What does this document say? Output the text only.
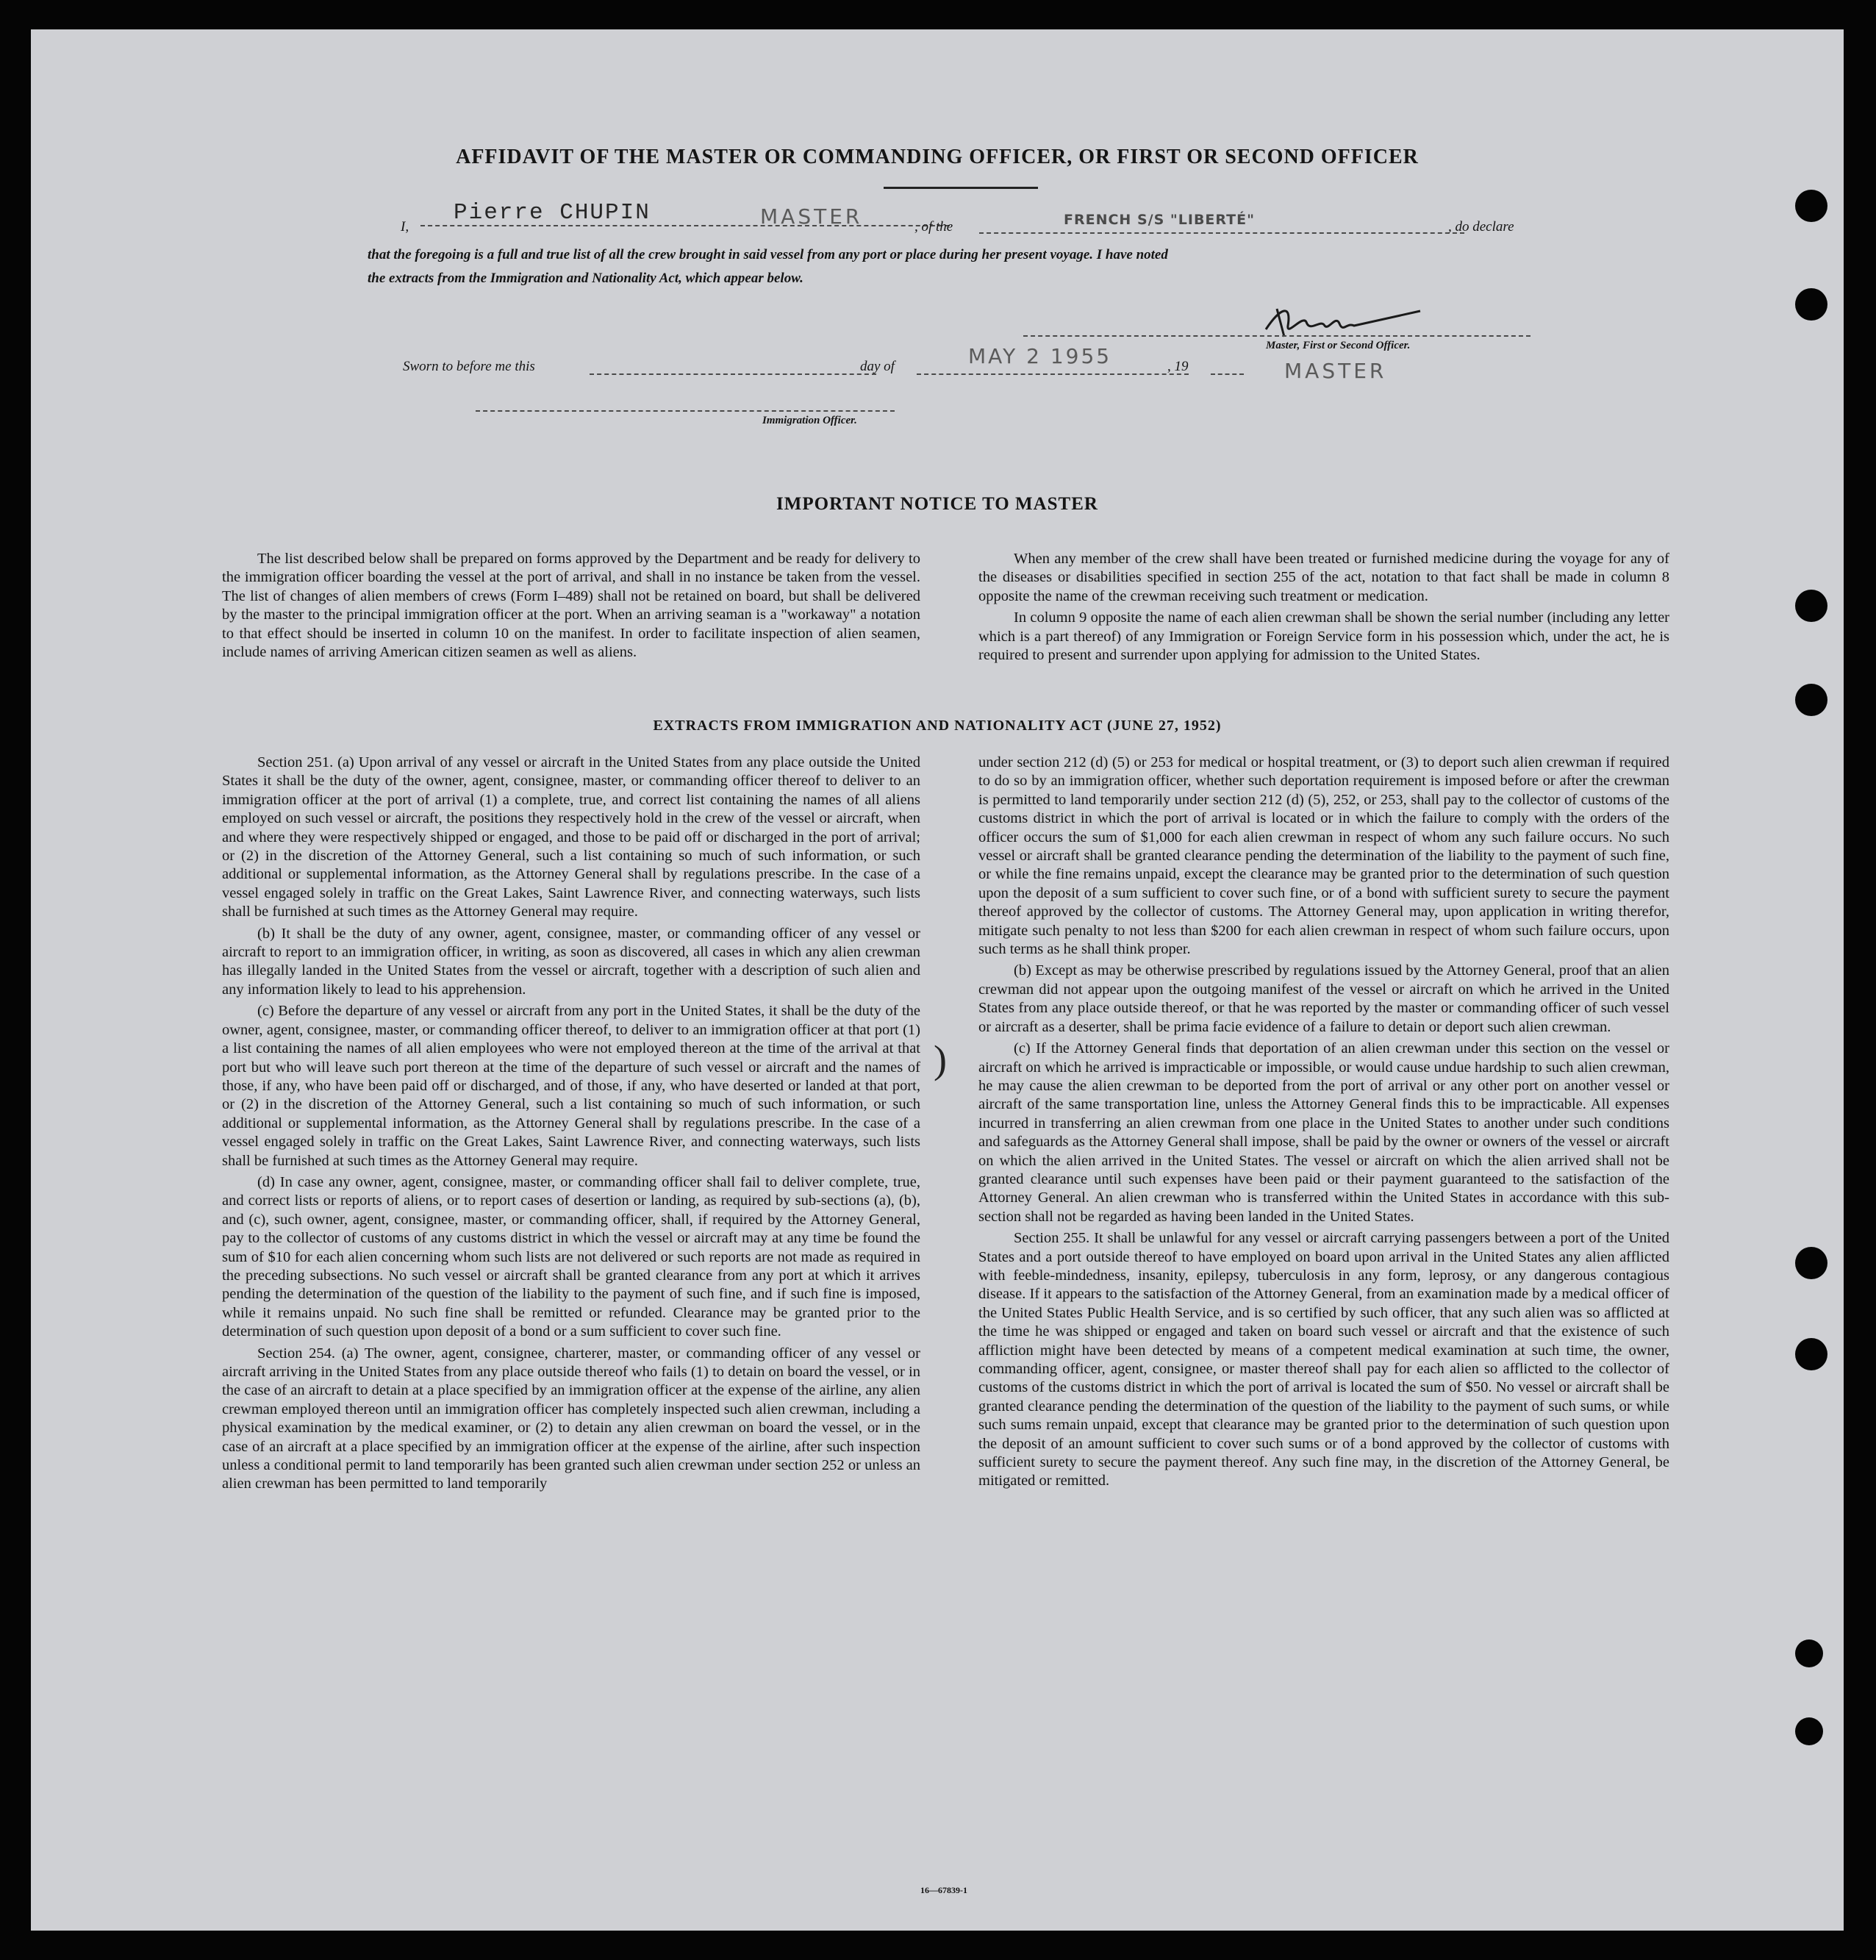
AFFIDAVIT OF THE MASTER OR COMMANDING OFFICER, OR FIRST OR SECOND OFFICER
I,
Pierre CHUPIN	MASTER	, of the	FRENCH S/S "LIBERTÉ"	, do declare
that the foregoing is a full and true list of all the crew brought in said vessel from any port or place during her present voyage. I have noted
the extracts from the Immigration and Nationality Act, which appear below.
Master, First or Second Officer.
MASTER
Sworn to before me this	day of	MAY 2 1955	, 19
Immigration Officer.
IMPORTANT NOTICE TO MASTER

The list described below shall be prepared on forms approved by the Department and be ready for delivery to the immigration officer boarding the vessel at the port of arrival, and shall in no instance be taken from the vessel. The list of changes of alien members of crews (Form I–489) shall not be retained on board, but shall be delivered by the master to the principal immigration officer at the port. When an arriving seaman is a "workaway" a notation to that effect should be inserted in column 10 on the manifest. In order to facilitate inspection of alien seamen, include names of arriving American citizen seamen as well as aliens.

When any member of the crew shall have been treated or furnished medicine during the voyage for any of the diseases or disabilities specified in section 255 of the act, notation to that fact shall be made in column 8 opposite the name of the crewman receiving such treatment or medication.

In column 9 opposite the name of each alien crewman shall be shown the serial number (including any letter which is a part thereof) of any Immigration or Foreign Service form in his possession which, under the act, he is required to present and surrender upon applying for admission to the United States.

EXTRACTS FROM IMMIGRATION AND NATIONALITY ACT (JUNE 27, 1952)

Section 251. (a) Upon arrival of any vessel or aircraft in the United States from any place outside the United States it shall be the duty of the owner, agent, consignee, master, or commanding officer thereof to deliver to an immigration officer at the port of arrival (1) a complete, true, and correct list containing the names of all aliens employed on such vessel or aircraft, the positions they respectively hold in the crew of the vessel or aircraft, when and where they were respectively shipped or engaged, and those to be paid off or discharged in the port of arrival; or (2) in the discretion of the Attorney General, such a list containing so much of such information, or such additional or supplemental information, as the Attorney General shall by regulations prescribe. In the case of a vessel engaged solely in traffic on the Great Lakes, Saint Lawrence River, and connecting waterways, such lists shall be furnished at such times as the Attorney General may require.

(b) It shall be the duty of any owner, agent, consignee, master, or commanding officer of any vessel or aircraft to report to an immigration officer, in writing, as soon as discovered, all cases in which any alien crewman has illegally landed in the United States from the vessel or aircraft, together with a description of such alien and any information likely to lead to his apprehension.

(c) Before the departure of any vessel or aircraft from any port in the United States, it shall be the duty of the owner, agent, consignee, master, or commanding officer thereof, to deliver to an immigration officer at that port (1) a list containing the names of all alien employees who were not employed thereon at the time of the arrival at that port but who will leave such port thereon at the time of the departure of such vessel or aircraft and the names of those, if any, who have been paid off or discharged, and of those, if any, who have deserted or landed at that port, or (2) in the discretion of the Attorney General, such a list containing so much of such information, or such additional or supplemental information, as the Attorney General shall by regulations prescribe. In the case of a vessel engaged solely in traffic on the Great Lakes, Saint Lawrence River, and connecting waterways, such lists shall be furnished at such times as the Attorney General may require.

(d) In case any owner, agent, consignee, master, or commanding officer shall fail to deliver complete, true, and correct lists or reports of aliens, or to report cases of desertion or landing, as required by sub-sections (a), (b), and (c), such owner, agent, consignee, master, or commanding officer, shall, if required by the Attorney General, pay to the collector of customs of any customs district in which the vessel or aircraft may at any time be found the sum of $10 for each alien concerning whom such lists are not delivered or such reports are not made as required in the preceding subsections. No such vessel or aircraft shall be granted clearance from any port at which it arrives pending the determination of the question of the liability to the payment of such fine, and if such fine is imposed, while it remains unpaid. No such fine shall be remitted or refunded. Clearance may be granted prior to the determination of such question upon deposit of a bond or a sum sufficient to cover such fine.

Section 254. (a) The owner, agent, consignee, charterer, master, or commanding officer of any vessel or aircraft arriving in the United States from any place outside thereof who fails (1) to detain on board the vessel, or in the case of an aircraft to detain at a place specified by an immigration officer at the expense of the airline, any alien crewman employed thereon until an immigration officer has completely inspected such alien crewman, including a physical examination by the medical examiner, or (2) to detain any alien crewman on board the vessel, or in the case of an aircraft at a place specified by an immigration officer at the expense of the airline, after such inspection unless a conditional permit to land temporarily has been granted such alien crewman under section 252 or unless an alien crewman has been permitted to land temporarily

)

under section 212 (d) (5) or 253 for medical or hospital treatment, or (3) to deport such alien crewman if required to do so by an immigration officer, whether such deportation requirement is imposed before or after the crewman is permitted to land temporarily under section 212 (d) (5), 252, or 253, shall pay to the collector of customs of the customs district in which the port of arrival is located or in which the failure to comply with the orders of the officer occurs the sum of $1,000 for each alien crewman in respect of whom any such failure occurs. No such vessel or aircraft shall be granted clearance pending the determination of the liability to the payment of such fine, or while the fine remains unpaid, except the clearance may be granted prior to the determination of such question upon the deposit of a sum sufficient to cover such fine, or of a bond with sufficient surety to secure the payment thereof approved by the collector of customs. The Attorney General may, upon application in writing therefor, mitigate such penalty to not less than $200 for each alien crewman in respect of whom such failure occurs, upon such terms as he shall think proper.

(b) Except as may be otherwise prescribed by regulations issued by the Attorney General, proof that an alien crewman did not appear upon the outgoing manifest of the vessel or aircraft on which he arrived in the United States from any place outside thereof, or that he was reported by the master or commanding officer of such vessel or aircraft as a deserter, shall be prima facie evidence of a failure to detain or deport such alien crewman.

(c) If the Attorney General finds that deportation of an alien crewman under this section on the vessel or aircraft on which he arrived is impracticable or impossible, or would cause undue hardship to such alien crewman, he may cause the alien crewman to be deported from the port of arrival or any other port on another vessel or aircraft of the same transportation line, unless the Attorney General finds this to be impracticable. All expenses incurred in transferring an alien crewman from one place in the United States to another under such conditions and safeguards as the Attorney General shall impose, shall be paid by the owner or owners of the vessel or aircraft on which the alien arrived in the United States. The vessel or aircraft on which the alien arrived shall not be granted clearance until such expenses have been paid or their payment guaranteed to the satisfaction of the Attorney General. An alien crewman who is transferred within the United States in accordance with this sub-section shall not be regarded as having been landed in the United States.

Section 255. It shall be unlawful for any vessel or aircraft carrying passengers between a port of the United States and a port outside thereof to have employed on board upon arrival in the United States any alien afflicted with feeble-mindedness, insanity, epilepsy, tuberculosis in any form, leprosy, or any dangerous contagious disease. If it appears to the satisfaction of the Attorney General, from an examination made by a medical officer of the United States Public Health Service, and is so certified by such officer, that any such alien was so afflicted at the time he was shipped or engaged and taken on board such vessel or aircraft and that the existence of such affliction might have been detected by means of a competent medical examination at such time, the owner, commanding officer, agent, consignee, or master thereof shall pay for each alien so afflicted to the collector of customs of the customs district in which the port of arrival is located the sum of $50. No vessel or aircraft shall be granted clearance pending the determination of the question of the liability to the payment of such sums, or while such sums remain unpaid, except that clearance may be granted prior to the determination of such question upon the deposit of an amount sufficient to cover such sums or of a bond approved by the collector of customs with sufficient surety to secure the payment thereof. Any such fine may, in the discretion of the Attorney General, be mitigated or remitted.

16—67839-1
